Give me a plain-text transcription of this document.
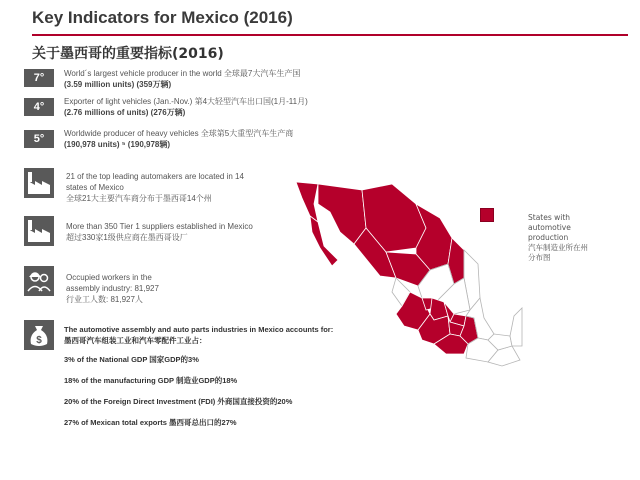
Key Indicators for Mexico (2016)
关于墨西哥的重要指标(2016)
7°	World´s largest vehicle producer in the world 全球最7大汽车生产国
(3.59 million units) (359万辆)
4°	Exporter of light vehicles (Jan.-Nov.) 第4大轻型汽车出口国(1月-11月)
(2.76 millions of units) (276万辆)
5°	Worldwide producer of heavy vehicles 全球第5大重型汽车生产商
(190,978 units) ⁵ (190,978辆)
21 of the top leading automakers are located in 14
states of Mexico
全球21大主要汽车商分布于墨西哥14个州
More than 350 Tier 1 suppliers established in Mexico
超过330家1级供应商在墨西哥设厂
Occupied workers in the
assembly industry: 81,927
行业工人数: 81,927人
$
The automotive assembly and auto parts industries in Mexico accounts for:
墨西哥汽车组装工业和汽车零配件工业占：
3% of the National GDP 国家GDP的3%
18% of the manufacturing GDP 制造业GDP的18%
20% of the Foreign Direct Investment (FDI) 外商国直接投资的20%
27% of Mexican total exports 墨西哥总出口的27%
States with
automotive
production
汽车制造业所在州
分布图
